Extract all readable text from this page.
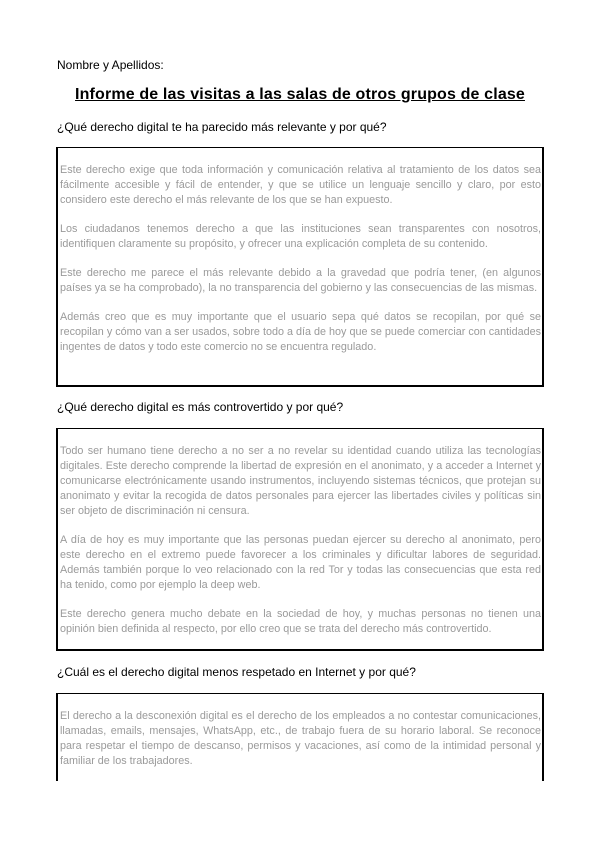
Nombre y Apellidos:
Informe de las visitas a las salas de otros grupos de clase
¿Qué derecho digital te ha parecido más relevante y por qué?

Este derecho exige que toda información y comunicación relativa al tratamiento de los datos sea fácilmente accesible y fácil de entender, y que se utilice un lenguaje sencillo y claro, por esto considero este derecho el más relevante de los que se han expuesto.

Los ciudadanos tenemos derecho a que las instituciones sean transparentes con nosotros, identifiquen claramente su propósito, y ofrecer una explicación completa de su contenido.

Este derecho me parece el más relevante debido a la gravedad que podría tener, (en algunos países ya se ha comprobado), la no transparencia del gobierno y las consecuencias de las mismas.

Además creo que es muy importante que el usuario sepa qué datos se recopilan, por qué se recopilan y cómo van a ser usados, sobre todo a día de hoy que se puede comerciar con cantidades ingentes de datos y todo este comercio no se encuentra regulado.

¿Qué derecho digital es más controvertido y por qué?

Todo ser humano tiene derecho a no ser a no revelar su identidad cuando utiliza las tecnologías digitales. Este derecho comprende la libertad de expresión en el anonimato, y a acceder a Internet y comunicarse electrónicamente usando instrumentos, incluyendo sistemas técnicos, que protejan su anonimato y evitar la recogida de datos personales para ejercer las libertades civiles y políticas sin ser objeto de discriminación ni censura.

A día de hoy es muy importante que las personas puedan ejercer su derecho al anonimato, pero este derecho en el extremo puede favorecer a los criminales y dificultar labores de seguridad. Además también porque lo veo relacionado con la red Tor y todas las consecuencias que esta red ha tenido, como por ejemplo la deep web.

Este derecho genera mucho debate en la sociedad de hoy, y muchas personas no tienen una opinión bien definida al respecto, por ello creo que se trata del derecho más controvertido.

¿Cuál es el derecho digital menos respetado en Internet y por qué?

El derecho a la desconexión digital es el derecho de los empleados a no contestar comunicaciones, llamadas, emails, mensajes, WhatsApp, etc., de trabajo fuera de su horario laboral. Se reconoce para respetar el tiempo de descanso, permisos y vacaciones, así como de la intimidad personal y familiar de los trabajadores.
